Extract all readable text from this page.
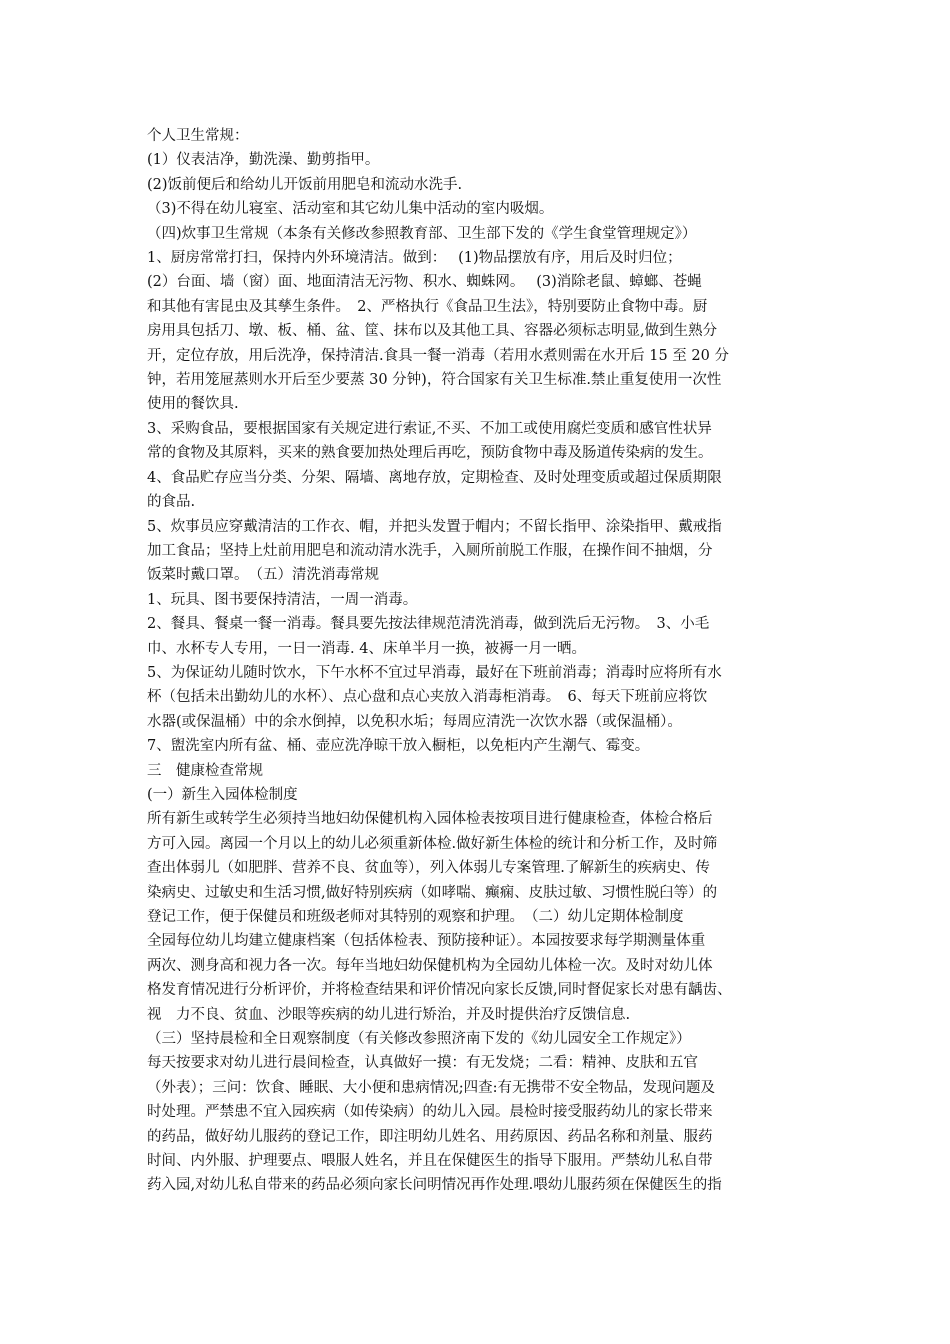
个人卫生常规：

(1）仪表洁净，勤洗澡、勤剪指甲。

(2)饭前便后和给幼儿开饭前用肥皂和流动水洗手.

（3)不得在幼儿寝室、活动室和其它幼儿集中活动的室内吸烟。

（四)炊事卫生常规（本条有关修改参照教育部、卫生部下发的《学生食堂管理规定》）

1、厨房常常打扫，保持内外环境清洁。做到：　 (1)物品摆放有序，用后及时归位；

(2）台面、墙（窗）面、地面清洁无污物、积水、蜘蛛网。　 (3)消除老鼠、蟑螂、苍蝇

和其他有害昆虫及其孳生条件。　2、严格执行《食品卫生法》，特别要防止食物中毒。厨

房用具包括刀、墩、板、桶、盆、筐、抹布以及其他工具、容器必须标志明显,做到生熟分

开，定位存放，用后洗净，保持清洁.食具一餐一消毒（若用水煮则需在水开后 15 至 20 分

钟，若用笼屉蒸则水开后至少要蒸 30 分钟)，符合国家有关卫生标准.禁止重复使用一次性

使用的餐饮具.

3、采购食品，要根据国家有关规定进行索证,不买、不加工或使用腐烂变质和感官性状异

常的食物及其原料，买来的熟食要加热处理后再吃，预防食物中毒及肠道传染病的发生。

4、食品贮存应当分类、分架、隔墙、离地存放，定期检查、及时处理变质或超过保质期限

的食品.

5、炊事员应穿戴清洁的工作衣、帽，并把头发置于帽内；不留长指甲、涂染指甲、戴戒指

加工食品；坚持上灶前用肥皂和流动清水洗手，入厕所前脱工作服，在操作间不抽烟，分

饭菜时戴口罩。　（五）清洗消毒常规

1、玩具、图书要保持清洁，一周一消毒。

2、餐具、餐桌一餐一消毒。餐具要先按法律规范清洗消毒，做到洗后无污物。　3、小毛

巾、水杯专人专用，一日一消毒. 4、床单半月一换，被褥一月一晒。

5、为保证幼儿随时饮水，下午水杯不宜过早消毒，最好在下班前消毒；消毒时应将所有水

杯（包括未出勤幼儿的水杯）、点心盘和点心夹放入消毒柜消毒。　6、每天下班前应将饮

水器(或保温桶）中的余水倒掉，以免积水垢；每周应清洗一次饮水器（或保温桶）。

7、盥洗室内所有盆、桶、壶应洗净晾干放入橱柜，以免柜内产生潮气、霉变。

三　健康检查常规

(一）新生入园体检制度

所有新生或转学生必须持当地妇幼保健机构入园体检表按项目进行健康检查，体检合格后

方可入园。离园一个月以上的幼儿必须重新体检.做好新生体检的统计和分析工作，及时筛

查出体弱儿（如肥胖、营养不良、贫血等），列入体弱儿专案管理.了解新生的疾病史、传

染病史、过敏史和生活习惯,做好特别疾病（如哮喘、癫痫、皮肤过敏、习惯性脱臼等）的

登记工作，便于保健员和班级老师对其特别的观察和护理。　（二）幼儿定期体检制度

全园每位幼儿均建立健康档案（包括体检表、预防接种证）。本园按要求每学期测量体重

两次、测身高和视力各一次。每年当地妇幼保健机构为全园幼儿体检一次。及时对幼儿体

格发育情况进行分析评价，并将检查结果和评价情况向家长反馈,同时督促家长对患有龋齿、

视　力不良、贫血、沙眼等疾病的幼儿进行矫治，并及时提供治疗反馈信息.

（三）坚持晨检和全日观察制度（有关修改参照济南下发的《幼儿园安全工作规定》）

每天按要求对幼儿进行晨间检查，认真做好一摸：有无发烧；二看：精神、皮肤和五官

（外表）；三问：饮食、睡眠、大小便和患病情况;四查:有无携带不安全物品，发现问题及

时处理。严禁患不宜入园疾病（如传染病）的幼儿入园。晨检时接受服药幼儿的家长带来

的药品，做好幼儿服药的登记工作，即注明幼儿姓名、用药原因、药品名称和剂量、服药

时间、内外服、护理要点、喂服人姓名，并且在保健医生的指导下服用。严禁幼儿私自带

药入园,对幼儿私自带来的药品必须向家长问明情况再作处理.喂幼儿服药须在保健医生的指
